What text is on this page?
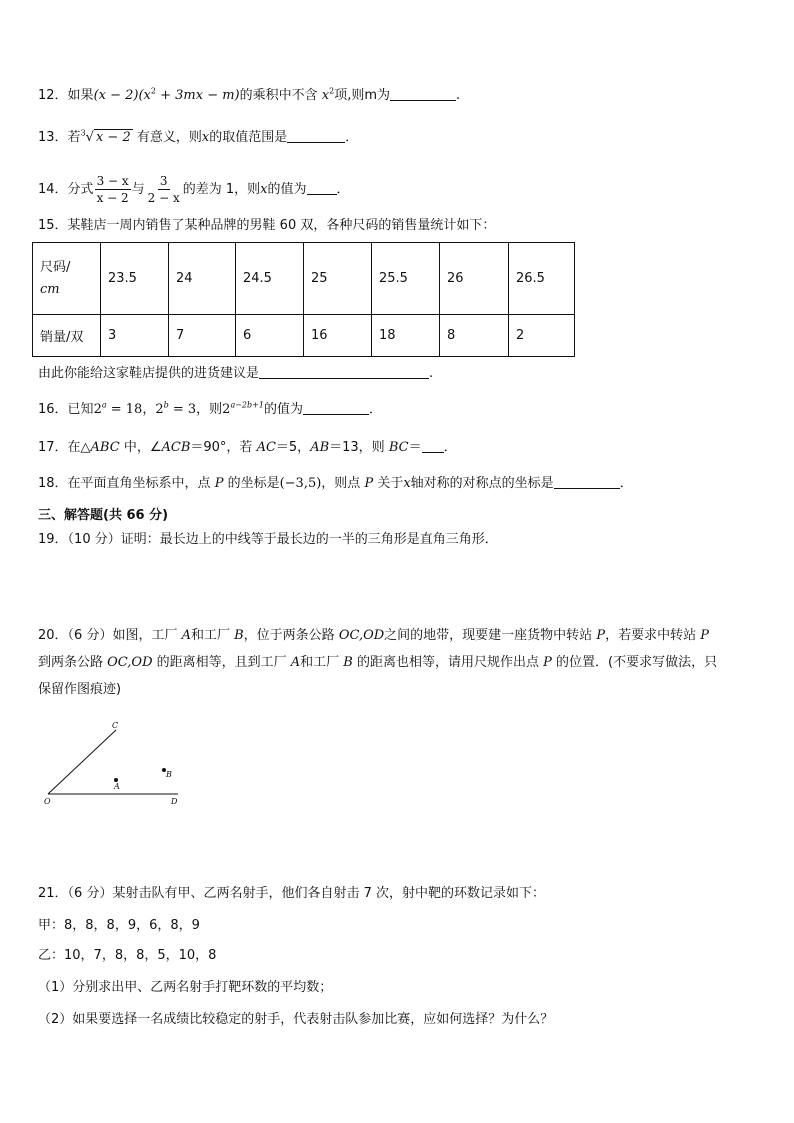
12．如果$(x - 2)(x^2 + 3mx - m)$的乘积中不含 $x^2$项,则m为	.
13．若$^3$√ x − 2 有意义，则x的取值范围是	．
14．分式 $\frac{3 - x}{x - 2}$ 与 $\frac{3}{2 - x}$ 的差为 1，则x的值为 ．
15．某鞋店一周内销售了某种品牌的男鞋 60 双，各种尺码的销售量统计如下：
尺码/
cm	23.5	24	24.5	25	25.5	26	26.5
销量/双	3	7	6	16	18	8	2
由此你能给这家鞋店提供的进货建议是	.
16．已知$2^a = 18$，$2^b = 3$，则$2^{a-2b+1}$的值为	．
17．在△ABC 中，∠ACB＝90°，若 AC＝5，AB＝13，则 BC＝ ．
18．在平面直角坐标系中，点 P 的坐标是(−3,5)，则点 P 关于x轴对称的对称点的坐标是	．
三、解答题(共 66 分)
19．（10 分）证明：最长边上的中线等于最长边的一半的三角形是直角三角形．
20．（6 分）如图，工厂 A和工厂 B，位于两条公路 OC,OD之间的地带，现要建一座货物中转站 P，若要求中转站 P
到两条公路 OC,OD 的距离相等，且到工厂 A和工厂 B 的距离也相等，请用尺规作出点 P 的位置．(不要求写做法，只
保留作图痕迹)
C
B
A
O	D
21．（6 分）某射击队有甲、乙两名射手，他们各自射击 7 次，射中靶的环数记录如下：
甲：8，8，8，9，6，8，9
乙：10，7，8，8，5，10，8
（1）分别求出甲、乙两名射手打靶环数的平均数；
（2）如果要选择一名成绩比较稳定的射手，代表射击队参加比赛，应如何选择？为什么？
